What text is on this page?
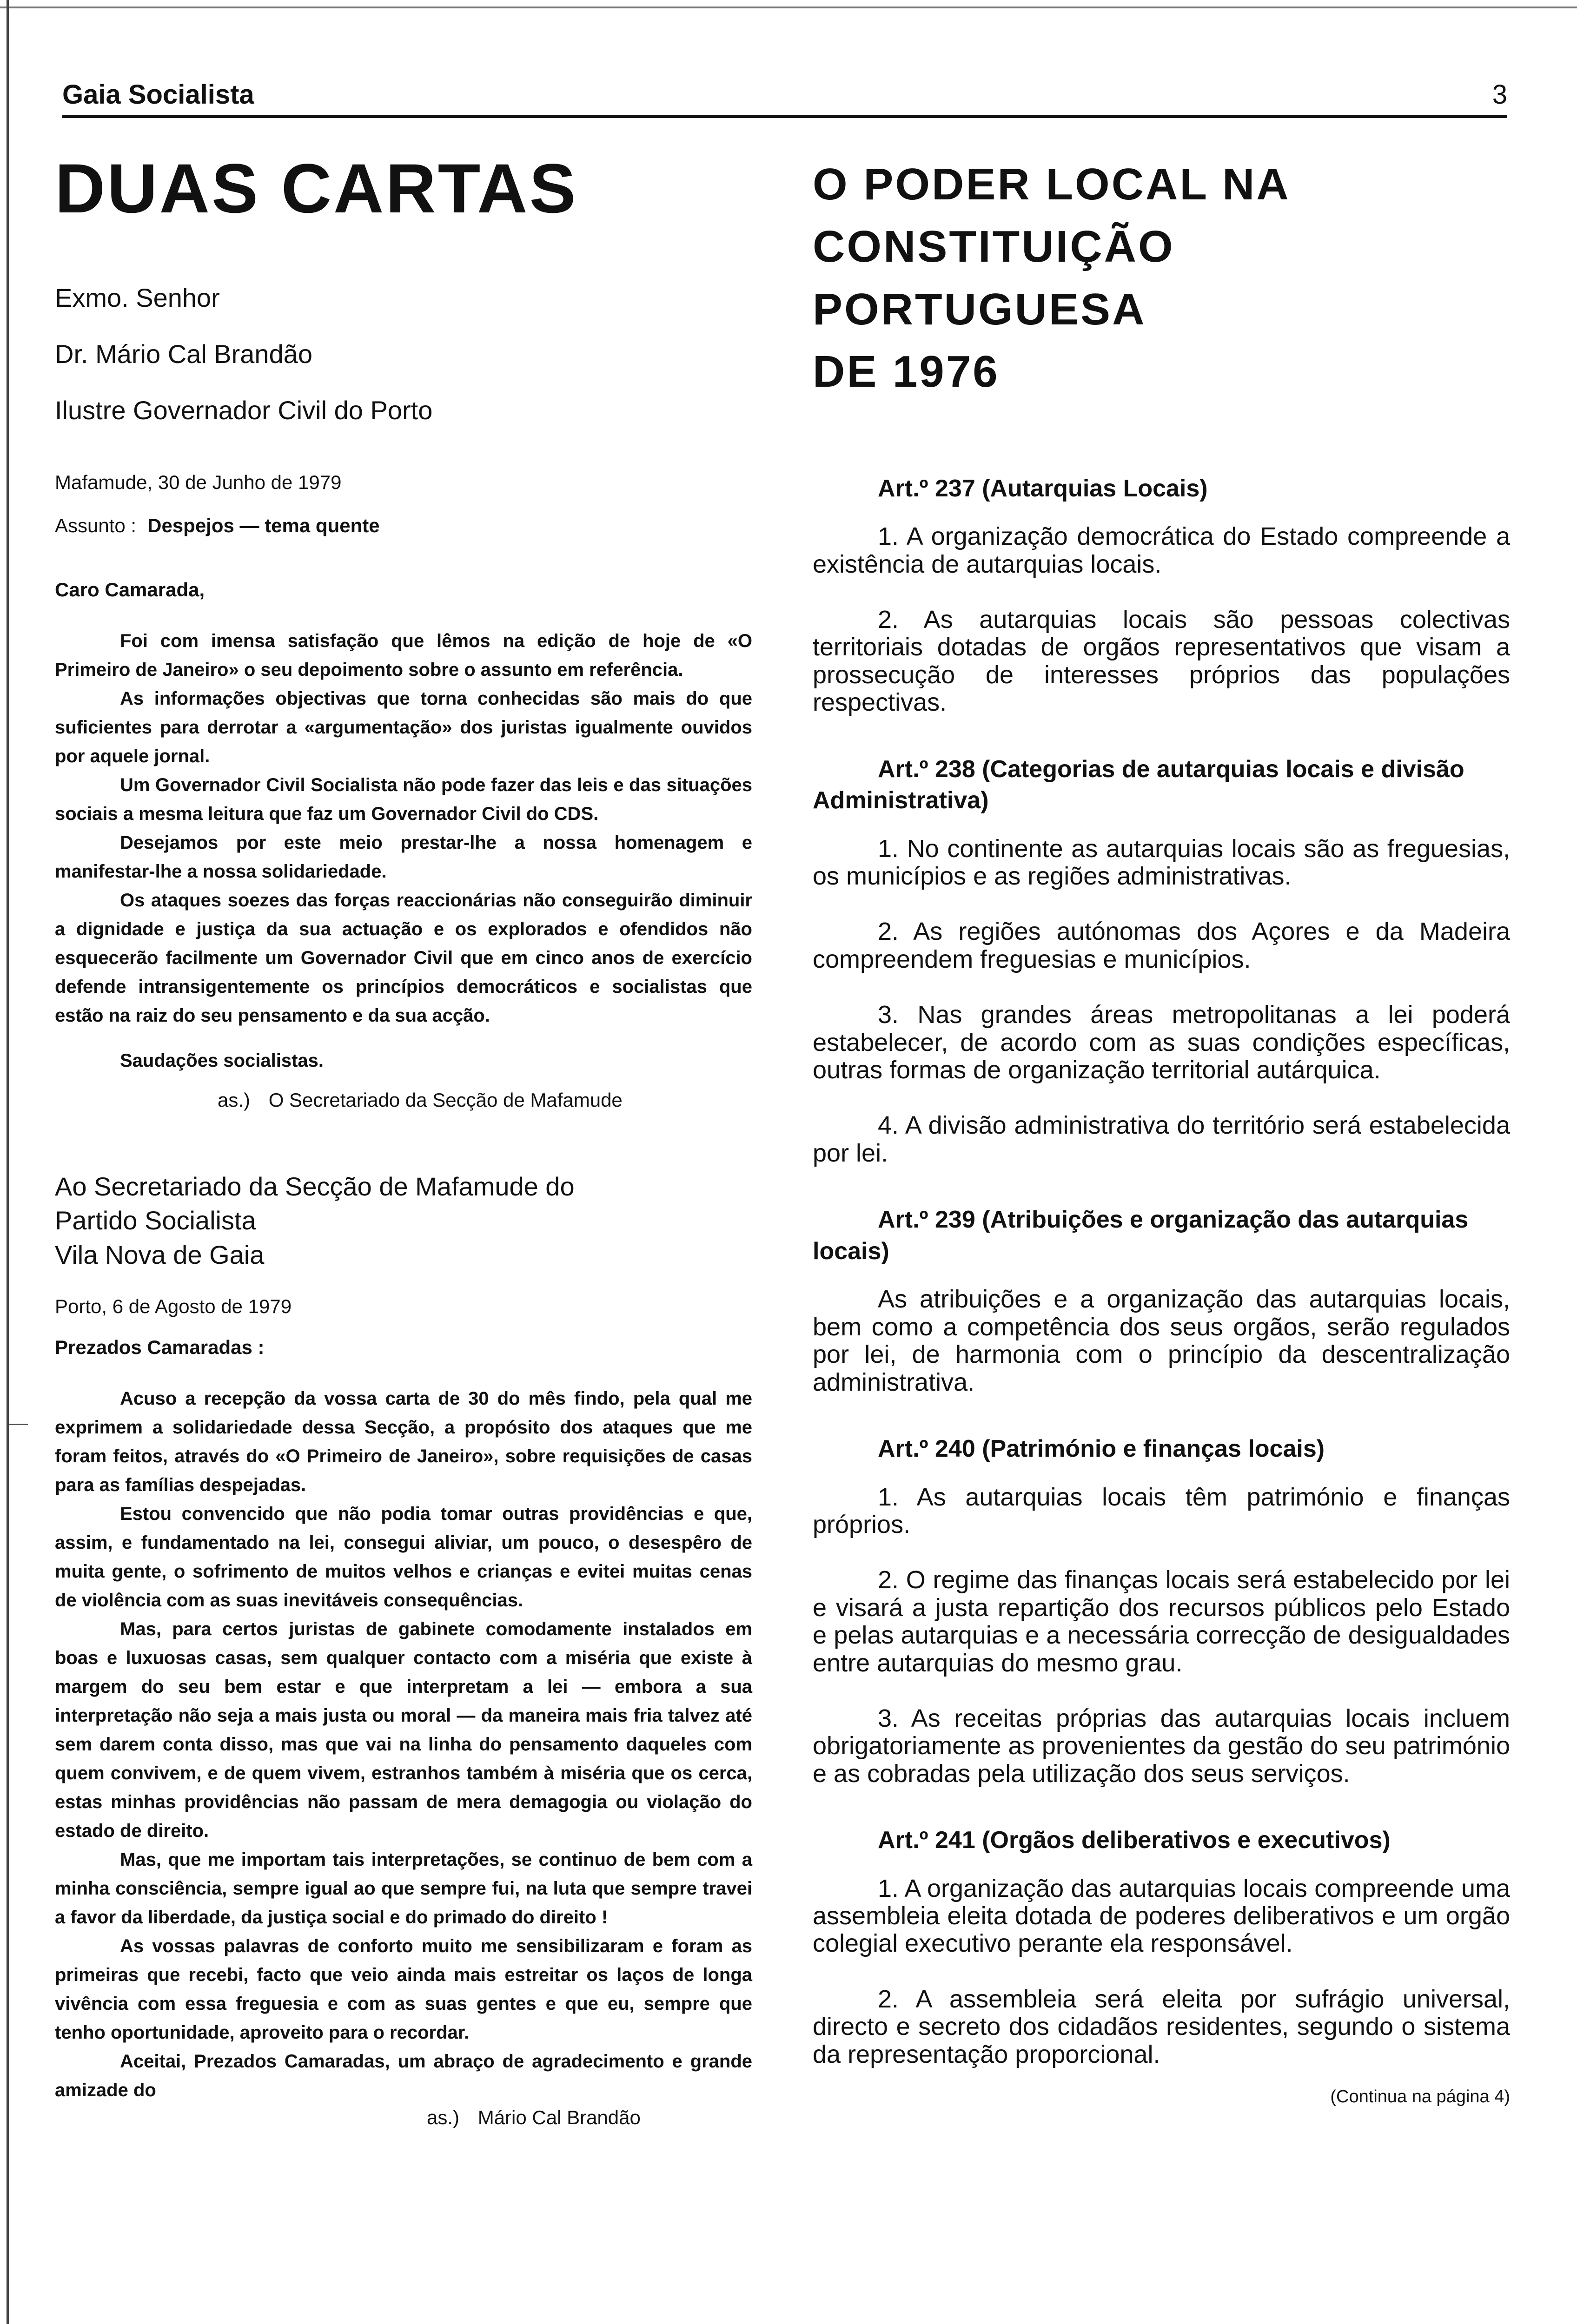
Gaia Socialista	3
DUAS CARTAS

Exmo. Senhor

Dr. Mário Cal Brandão

Ilustre Governador Civil do Porto

Mafamude, 30 de Junho de 1979
Assunto : Despejos — tema quente
Caro Camarada,

Foi com imensa satisfação que lêmos na edição de hoje de «O Primeiro de Janeiro» o seu depoimento sobre o assunto em referência.

As informações objectivas que torna conhecidas são mais do que suficientes para derrotar a «argumentação» dos juristas igualmente ouvidos por aquele jornal.

Um Governador Civil Socialista não pode fazer das leis e das situações sociais a mesma leitura que faz um Governador Civil do CDS.

Desejamos por este meio prestar-lhe a nossa homenagem e manifestar-lhe a nossa solidariedade.

Os ataques soezes das forças reaccionárias não conseguirão diminuir a dignidade e justiça da sua actuação e os explorados e ofendidos não esquecerão facilmente um Governador Civil que em cinco anos de exercício defende intransigentemente os princípios democráticos e socialistas que estão na raiz do seu pensamento e da sua acção.

Saudações socialistas.

as.) O Secretariado da Secção de Mafamude
Ao Secretariado da Secção de Mafamude do
Partido Socialista
Vila Nova de Gaia
Porto, 6 de Agosto de 1979
Prezados Camaradas :

Acuso a recepção da vossa carta de 30 do mês findo, pela qual me exprimem a solidariedade dessa Secção, a propósito dos ataques que me foram feitos, através do «O Primeiro de Janeiro», sobre requisições de casas para as famílias despejadas.

Estou convencido que não podia tomar outras providências e que, assim, e fundamentado na lei, consegui aliviar, um pouco, o desespêro de muita gente, o sofrimento de muitos velhos e crianças e evitei muitas cenas de violência com as suas inevitáveis consequências.

Mas, para certos juristas de gabinete comodamente instalados em boas e luxuosas casas, sem qualquer contacto com a miséria que existe à margem do seu bem estar e que interpretam a lei — embora a sua interpretação não seja a mais justa ou moral — da maneira mais fria talvez até sem darem conta disso, mas que vai na linha do pensamento daqueles com quem convivem, e de quem vivem, estranhos também à miséria que os cerca, estas minhas providências não passam de mera demagogia ou violação do estado de direito.

Mas, que me importam tais interpretações, se continuo de bem com a minha consciência, sempre igual ao que sempre fui, na luta que sempre travei a favor da liberdade, da justiça social e do primado do direito !

As vossas palavras de conforto muito me sensibilizaram e foram as primeiras que recebi, facto que veio ainda mais estreitar os laços de longa vivência com essa freguesia e com as suas gentes e que eu, sempre que tenho oportunidade, aproveito para o recordar.

Aceitai, Prezados Camaradas, um abraço de agradecimento e grande amizade do

as.) Mário Cal Brandão
O PODER LOCAL NA
CONSTITUIÇÃO PORTUGUESA
DE 1976
Art.º 237 (Autarquias Locais)

1. A organização democrática do Estado compreende a existência de autarquias locais.

2. As autarquias locais são pessoas colectivas territoriais dotadas de orgãos representativos que visam a prossecução de interesses próprios das populações respectivas.

Art.º 238 (Categorias de autarquias locais e divisão Administrativa)

1. No continente as autarquias locais são as freguesias, os municípios e as regiões administrativas.

2. As regiões autónomas dos Açores e da Madeira compreendem freguesias e municípios.

3. Nas grandes áreas metropolitanas a lei poderá estabelecer, de acordo com as suas condições específicas, outras formas de organização territorial autárquica.

4. A divisão administrativa do território será estabelecida por lei.

Art.º 239 (Atribuições e organização das autarquias locais)

As atribuições e a organização das autarquias locais, bem como a competência dos seus orgãos, serão regulados por lei, de harmonia com o princípio da descentralização administrativa.

Art.º 240 (Património e finanças locais)

1. As autarquias locais têm património e finanças próprios.

2. O regime das finanças locais será estabelecido por lei e visará a justa repartição dos recursos públicos pelo Estado e pelas autarquias e a necessária correcção de desigualdades entre autarquias do mesmo grau.

3. As receitas próprias das autarquias locais incluem obrigatoriamente as provenientes da gestão do seu património e as cobradas pela utilização dos seus serviços.

Art.º 241 (Orgãos deliberativos e executivos)

1. A organização das autarquias locais compreende uma assembleia eleita dotada de poderes deliberativos e um orgão colegial executivo perante ela responsável.

2. A assembleia será eleita por sufrágio universal, directo e secreto dos cidadãos residentes, segundo o sistema da representação proporcional.

(Continua na página 4)
—
